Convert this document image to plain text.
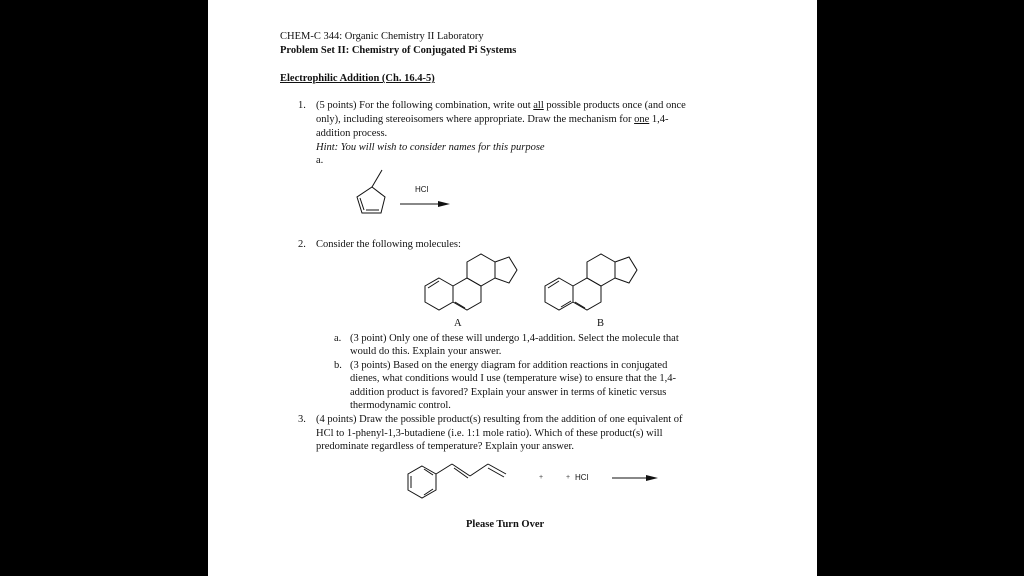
CHEM-C 344: Organic Chemistry II Laboratory
Problem Set II: Chemistry of Conjugated Pi Systems
Electrophilic Addition (Ch. 16.4-5)
1. (5 points) For the following combination, write out all possible products once (and once
only), including stereoisomers where appropriate. Draw the mechanism for one 1,4-
addition process.
Hint: You will wish to consider names for this purpose
a.
HCl
2. Consider the following molecules:
A	B
a. (3 point) Only one of these will undergo 1,4-addition. Select the molecule that
would do this. Explain your answer.
b. (3 points) Based on the energy diagram for addition reactions in conjugated
dienes, what conditions would I use (temperature wise) to ensure that the 1,4-
addition product is favored? Explain your answer in terms of kinetic versus
thermodynamic control.
3. (4 points) Draw the possible product(s) resulting from the addition of one equivalent of
HCl to 1-phenyl-1,3-butadiene (i.e. 1:1 mole ratio). Which of these product(s) will
predominate regardless of temperature? Explain your answer.
+	+ HCl
Please Turn Over
